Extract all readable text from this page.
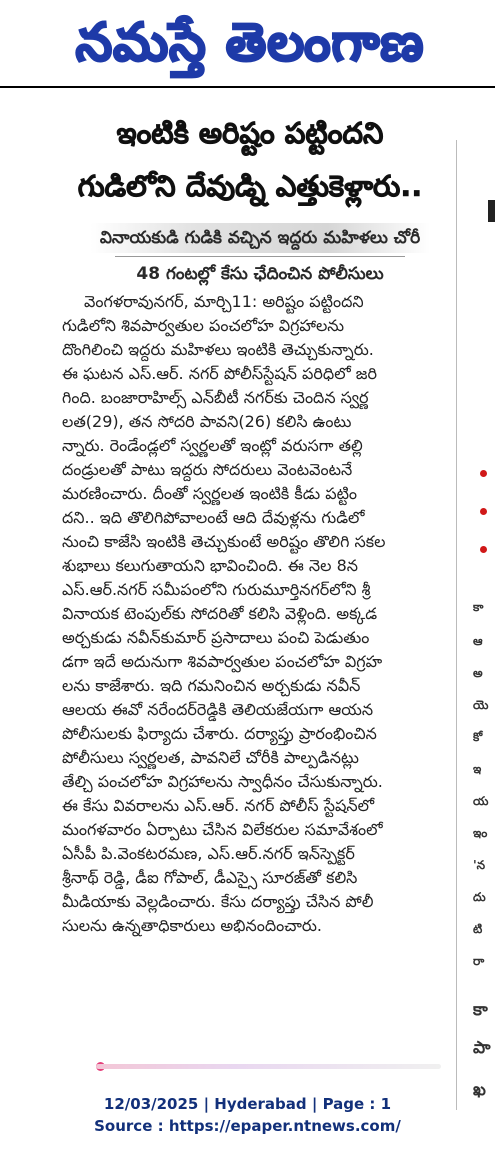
నమస్తే తెలంగాణ
ఇంటికి అరిష్టం పట్టిందని
గుడిలోని దేవుడ్ని ఎత్తుకెళ్లారు..
వినాయకుడి గుడికి వచ్చిన ఇద్దరు మహిళలు చోరీ
48 గంటల్లో కేసు ఛేదించిన పోలీసులు
వెంగళరావునగర్, మార్చి11: అరిష్టం పట్టిందని
గుడిలోని శివపార్వతుల పంచలోహ విగ్రహాలను
దొంగిలించి ఇద్దరు మహిళలు ఇంటికి తెచ్చుకున్నారు.
ఈ ఘటన ఎస్.ఆర్. నగర్ పోలీస్‌స్టేషన్ పరిధిలో జరి
గింది. బంజారాహిల్స్ ఎన్‌బీటీ నగర్‌కు చెందిన స్వర్ణ
లత(29), తన సోదరి పావని(26) కలిసి ఉంటు
న్నారు. రెండేండ్లలో స్వర్ణలతో ఇంట్లో వరుసగా తల్లి
దండ్రులతో పాటు ఇద్దరు సోదరులు వెంటవెంటనే
మరణించారు. దీంతో స్వర్ణలత ఇంటికి కీడు పట్టిం
దని.. ఇది తొలిగిపోవాలంటే ఆది దేవుళ్లను గుడిలో
నుంచి కాజేసి ఇంటికి తెచ్చుకుంటే అరిష్టం తొలిగి సకల
శుభాలు కలుగుతాయని భావించింది. ఈ నెల 8న
ఎస్.ఆర్.నగర్ సమీపంలోని గురుమూర్తినగర్‌లోని శ్రీ
వినాయక టెంపుల్‌కు సోదరితో కలిసి వెళ్లింది. అక్కడ
అర్చకుడు నవీన్‌కుమార్ ప్రసాదాలు పంచి పెడుతుం
డగా ఇదే అదునుగా శివపార్వతుల పంచలోహ విగ్రహ
లను కాజేశారు. ఇది గమనించిన అర్చకుడు నవీన్
ఆలయ ఈవో నరేందర్‌రెడ్డికి తెలియజేయగా ఆయన
పోలీసులకు ఫిర్యాదు చేశారు. దర్యాప్తు ప్రారంభించిన
పోలీసులు స్వర్ణలత, పావనిలే చోరీకి పాల్పడినట్లు
తేల్చి పంచలోహ విగ్రహాలను స్వాధీనం చేసుకున్నారు.
ఈ కేసు వివరాలను ఎస్.ఆర్. నగర్ పోలీస్ స్టేషన్‌లో
మంగళవారం ఏర్పాటు చేసిన విలేకరుల సమావేశంలో
ఏసీపీ పి.వెంకటరమణ, ఎస్.ఆర్.నగర్ ఇన్‌స్పెక్టర్
శ్రీనాథ్ రెడ్డి, డీఐ గోపాల్, డీఎస్సై సూరజ్‌తో కలిసి
మీడియాకు వెల్లడించారు. కేసు దర్యాప్తు చేసిన పోలీ
సులను ఉన్నతాధికారులు అభినందించారు.
కా
ఆ
అ
యె
కో
ఇ
య
ఇం
'న
దు
టి
రా
కా
పా
ఖ
12/03/2025 | Hyderabad | Page : 1
Source : https://epaper.ntnews.com/
